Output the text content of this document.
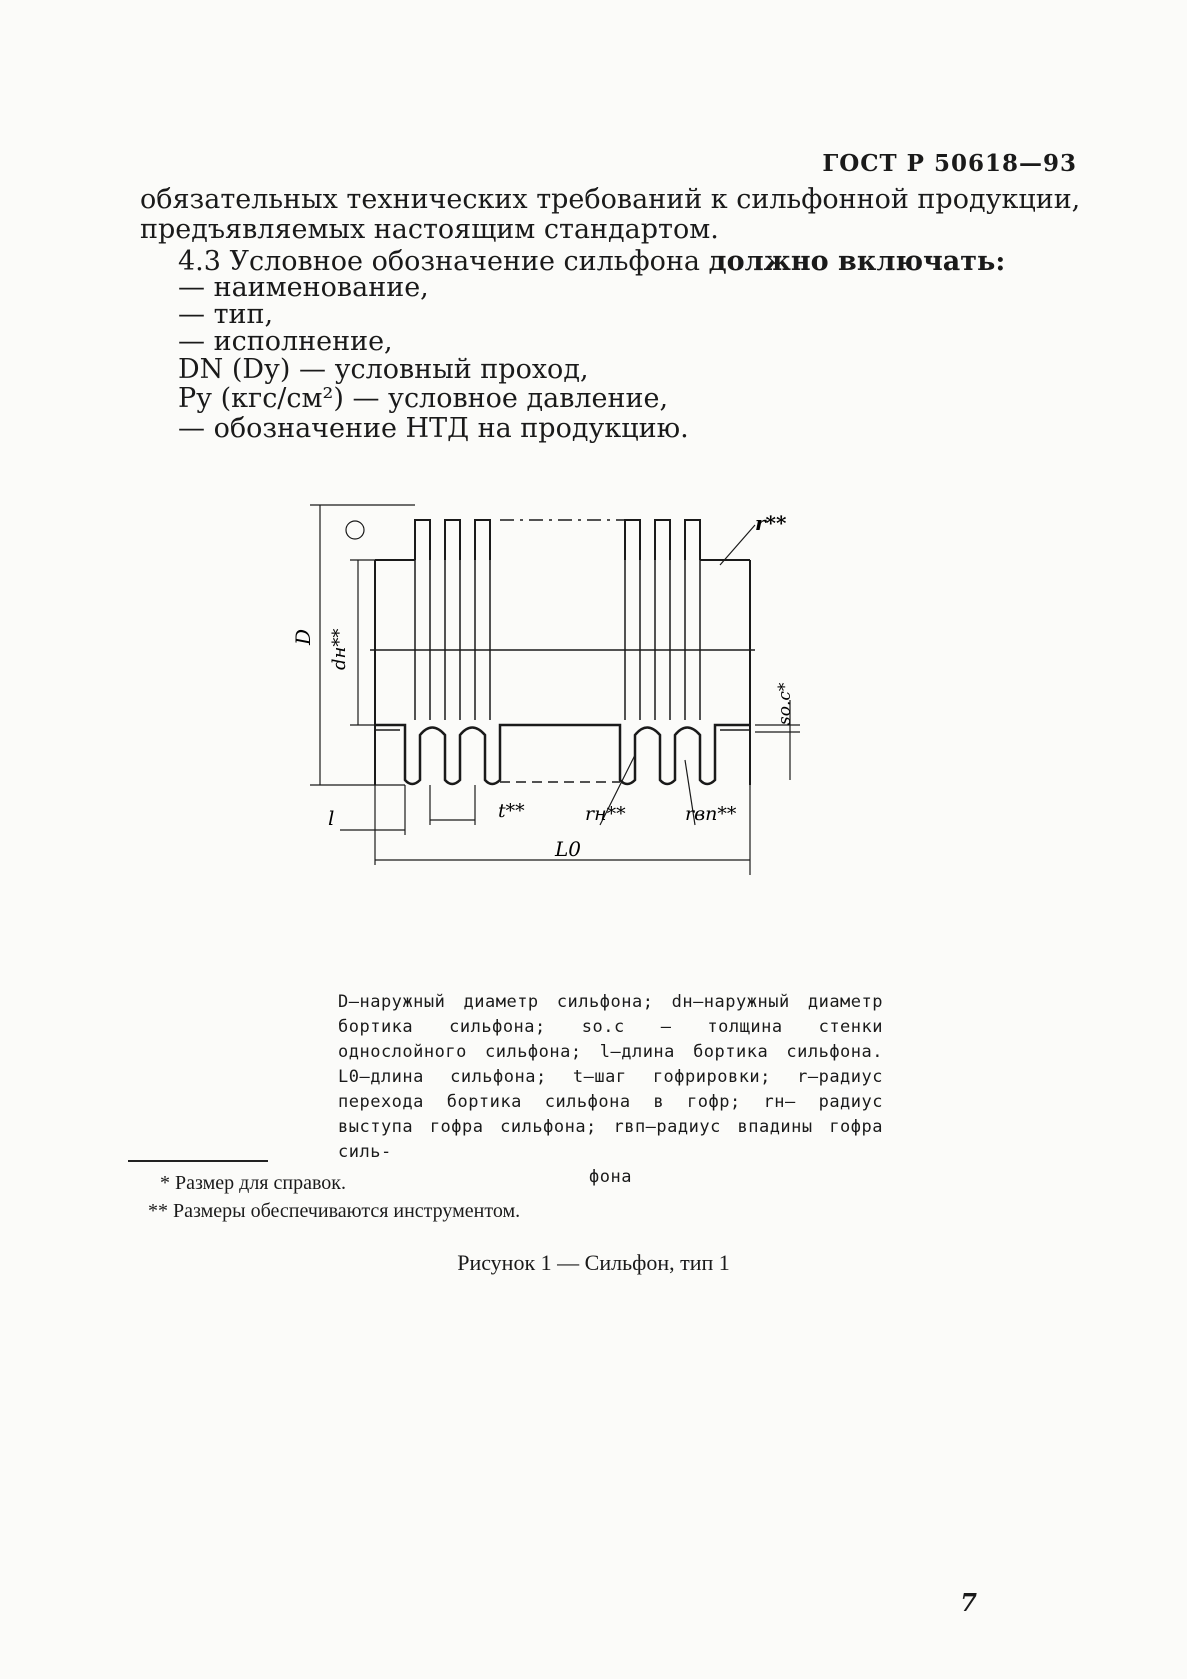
ГОСТ Р 50618—93
обязательных технических требований к сильфонной продукции,
предъявляемых настоящим стандартом.
4.3 Условное обозначение сильфона должно включать:
— наименование,
— тип,
— исполнение,
DN (Dу) — условный проход,
Pу (кгс/см²) — условное давление,
— обозначение НТД на продукцию.
D dн**
r**
sо.с*
l	t**	rн**	rвп**
L0
D—наружный диаметр сильфона; dн—наружный диаметр бортика сильфона; sо.с — толщина стенки однослойного сильфона; l—длина бортика сильфона. L0—длина сильфона; t—шаг гофрировки; r—радиус перехода бортика сильфона в гофр; rн— радиус выступа гофра сильфона; rвп—радиус впадины гофра силь-
фона
* Размер для справок.
** Размеры обеспечиваются инструментом.
Рисунок 1 — Сильфон, тип 1
7
